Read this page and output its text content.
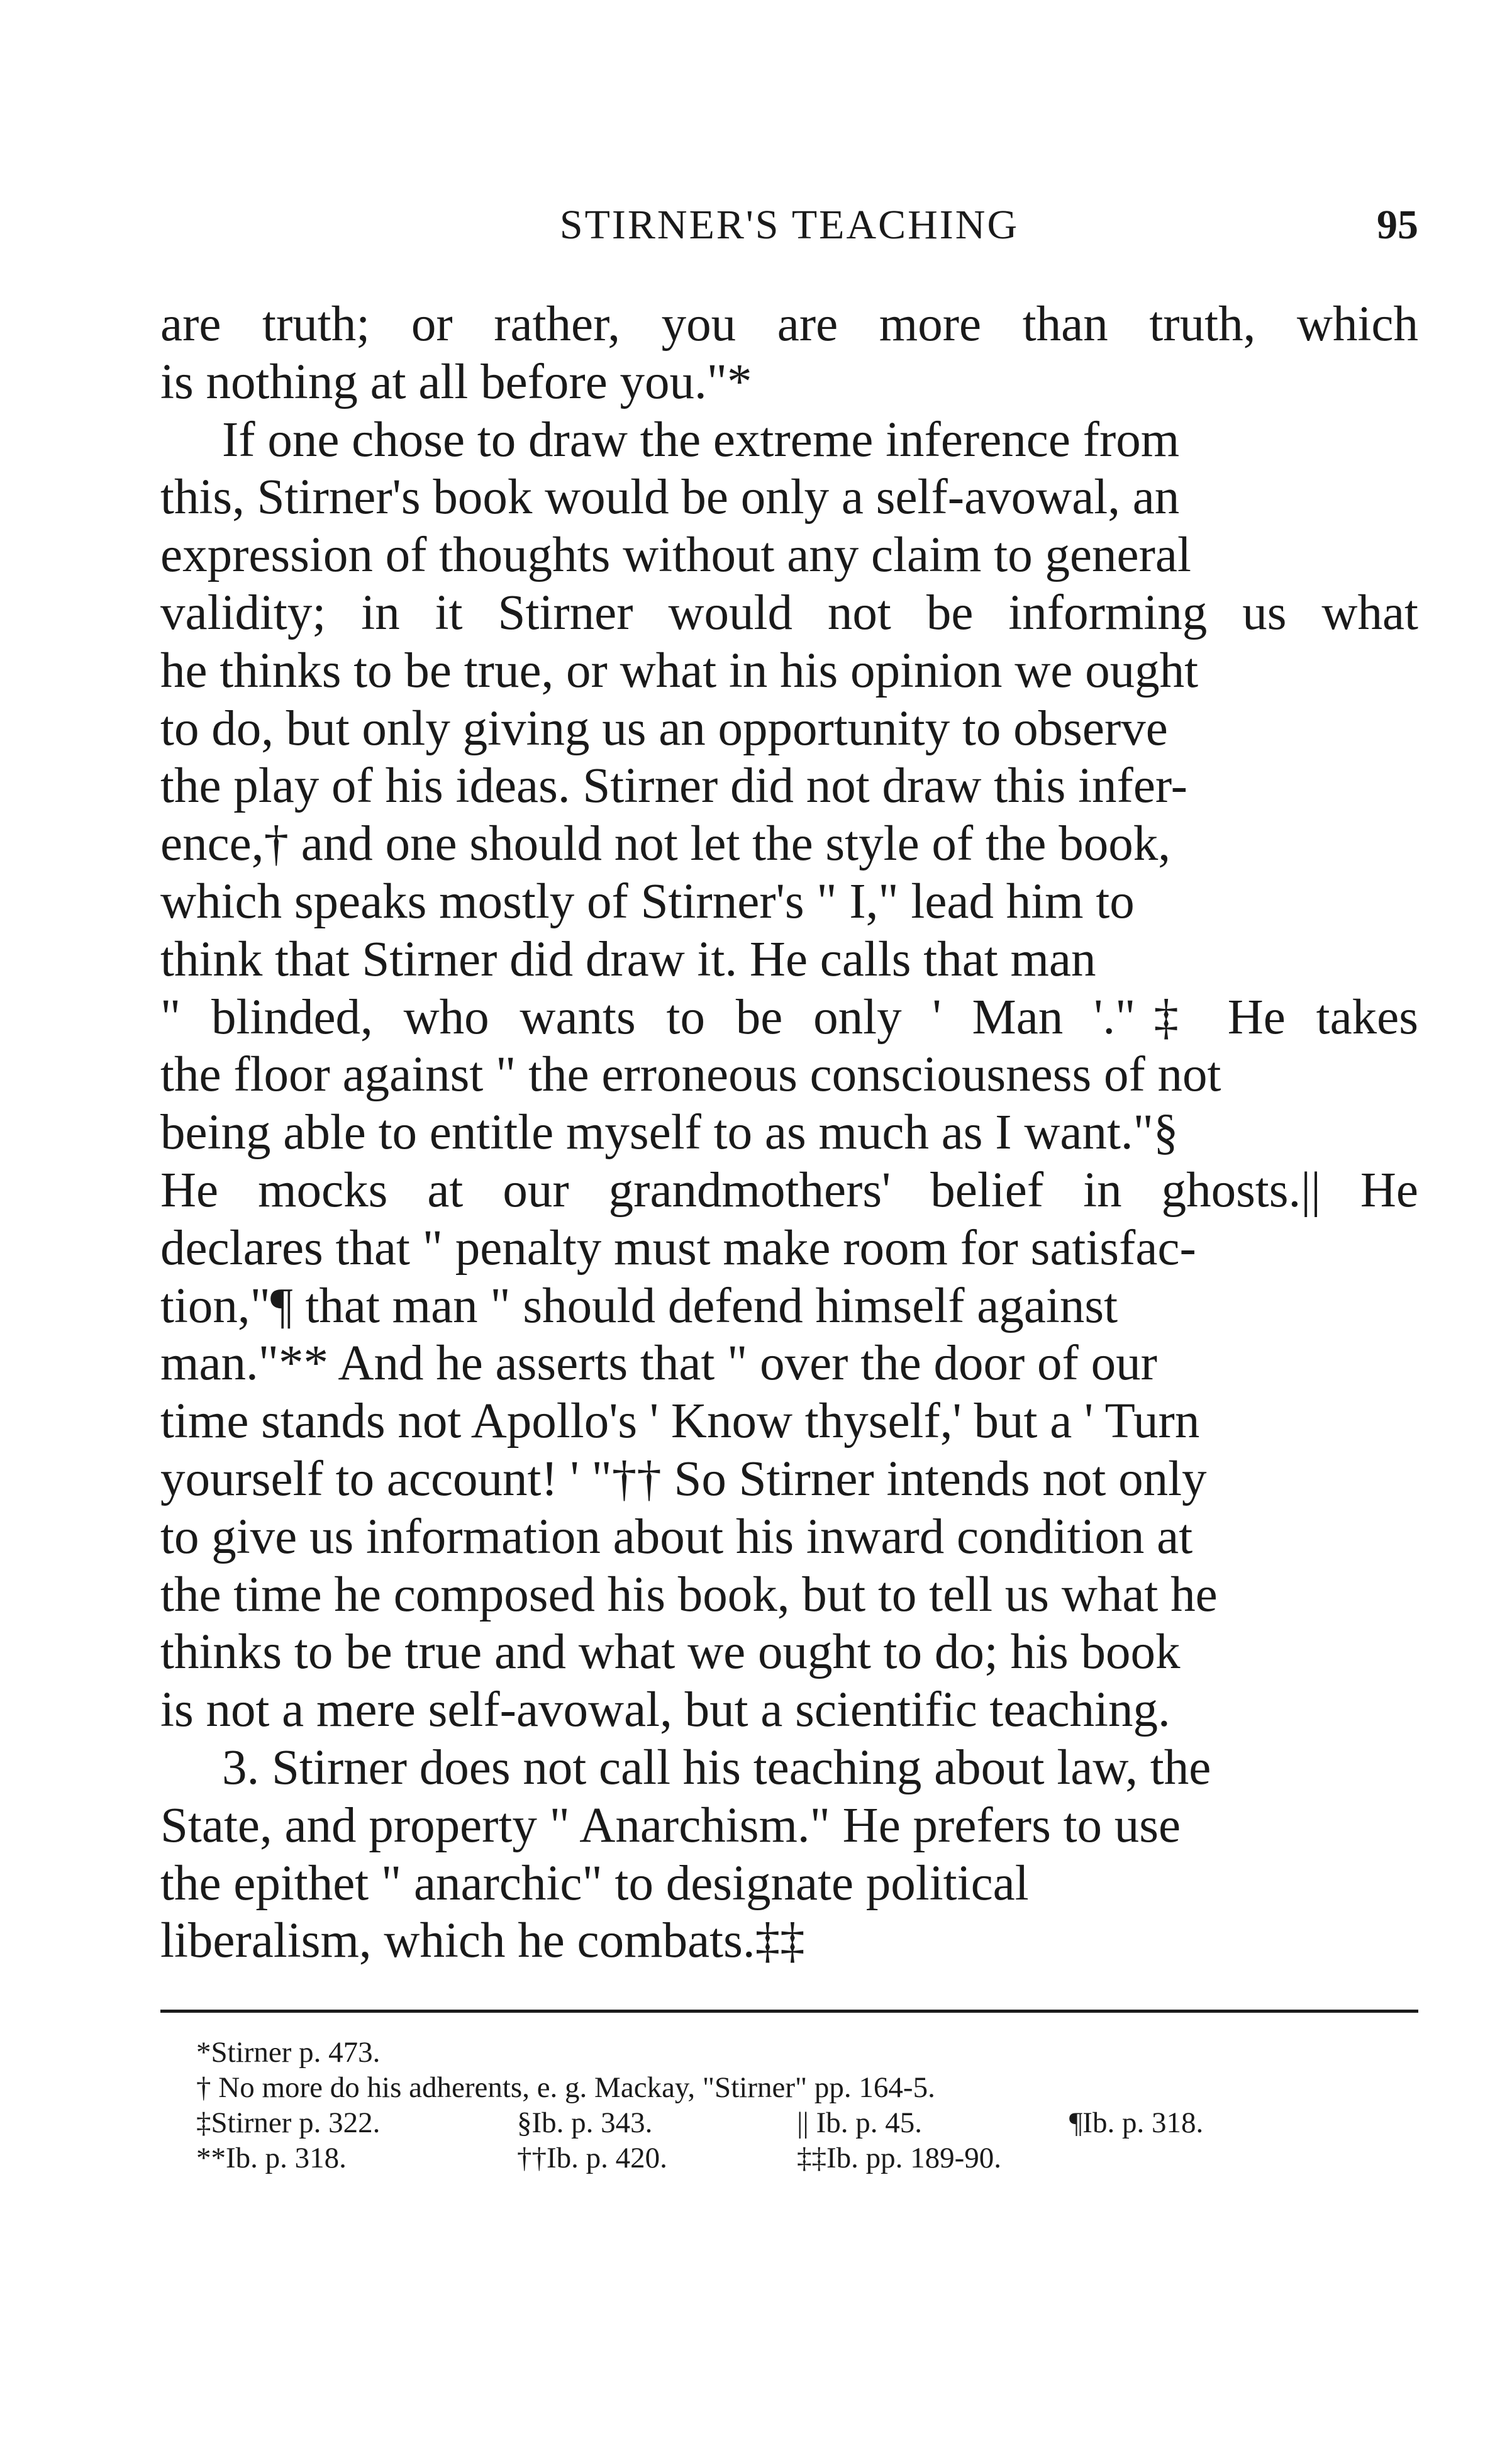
STIRNER'S TEACHING	95
are truth; or rather, you are more than truth, which
is nothing at all before you."*
If one chose to draw the extreme inference from
this, Stirner's book would be only a self-avowal, an
expression of thoughts without any claim to general
validity; in it Stirner would not be informing us what
he thinks to be true, or what in his opinion we ought
to do, but only giving us an opportunity to observe
the play of his ideas. Stirner did not draw this infer-
ence,† and one should not let the style of the book,
which speaks mostly of Stirner's " I," lead him to
think that Stirner did draw it. He calls that man
" blinded, who wants to be only ' Man '."‡ He takes
the floor against " the erroneous consciousness of not
being able to entitle myself to as much as I want."§
He mocks at our grandmothers' belief in ghosts.|| He
declares that " penalty must make room for satisfac-
tion,"¶ that man " should defend himself against
man."** And he asserts that " over the door of our
time stands not Apollo's ' Know thyself,' but a ' Turn
yourself to account! ' "†† So Stirner intends not only
to give us information about his inward condition at
the time he composed his book, but to tell us what he
thinks to be true and what we ought to do; his book
is not a mere self-avowal, but a scientific teaching.
3. Stirner does not call his teaching about law, the
State, and property " Anarchism." He prefers to use
the epithet " anarchic" to designate political
liberalism, which he combats.‡‡
*Stirner p. 473.
† No more do his adherents, e. g. Mackay, "Stirner" pp. 164-5.
‡Stirner p. 322.	§Ib. p. 343.	|| Ib. p. 45.	¶Ib. p. 318.
**Ib. p. 318.	††Ib. p. 420.	‡‡Ib. pp. 189-90.
